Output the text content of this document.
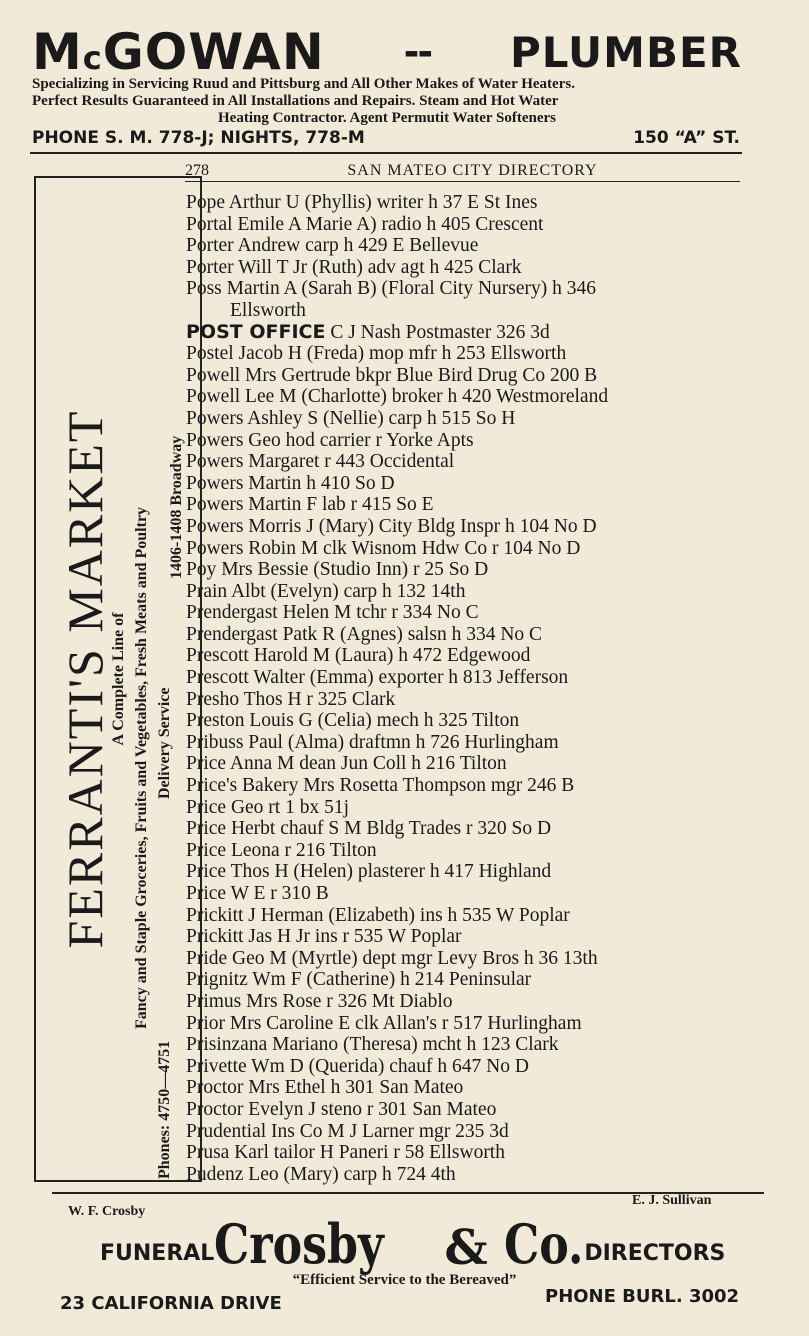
McGOWAN -- PLUMBER
Specializing in Servicing Ruud and Pittsburg and All Other Makes of Water Heaters.
Perfect Results Guaranteed in All Installations and Repairs. Steam and Hot Water
Heating Contractor. Agent Permutit Water Softeners
PHONE S. M. 778-J; NIGHTS, 778-M	150 “A” ST.
278	SAN MATEO CITY DIRECTORY
FERRANTI'S MARKET
A Complete Line of Fancy and Staple Groceries, Fruits and Vegetables, Fresh Meats and Poultry
Phones: 4750—4751
Delivery Service
1406-1408 Broadway
Pope Arthur U (Phyllis) writer h 37 E St Ines
Portal Emile A Marie A) radio h 405 Crescent
Porter Andrew carp h 429 E Bellevue
Porter Will T Jr (Ruth) adv agt h 425 Clark
Poss Martin A (Sarah B) (Floral City Nursery) h 346
Ellsworth
POST OFFICE C J Nash Postmaster 326 3d
Postel Jacob H (Freda) mop mfr h 253 Ellsworth
Powell Mrs Gertrude bkpr Blue Bird Drug Co 200 B
Powell Lee M (Charlotte) broker h 420 Westmoreland
Powers Ashley S (Nellie) carp h 515 So H
Powers Geo hod carrier r Yorke Apts
Powers Margaret r 443 Occidental
Powers Martin h 410 So D
Powers Martin F lab r 415 So E
Powers Morris J (Mary) City Bldg Inspr h 104 No D
Powers Robin M clk Wisnom Hdw Co r 104 No D
Poy Mrs Bessie (Studio Inn) r 25 So D
Prain Albt (Evelyn) carp h 132 14th
Prendergast Helen M tchr r 334 No C
Prendergast Patk R (Agnes) salsn h 334 No C
Prescott Harold M (Laura) h 472 Edgewood
Prescott Walter (Emma) exporter h 813 Jefferson
Presho Thos H r 325 Clark
Preston Louis G (Celia) mech h 325 Tilton
Pribuss Paul (Alma) draftmn h 726 Hurlingham
Price Anna M dean Jun Coll h 216 Tilton
Price's Bakery Mrs Rosetta Thompson mgr 246 B
Price Geo rt 1 bx 51j
Price Herbt chauf S M Bldg Trades r 320 So D
Price Leona r 216 Tilton
Price Thos H (Helen) plasterer h 417 Highland
Price W E r 310 B
Prickitt J Herman (Elizabeth) ins h 535 W Poplar
Prickitt Jas H Jr ins r 535 W Poplar
Pride Geo M (Myrtle) dept mgr Levy Bros h 36 13th
Prignitz Wm F (Catherine) h 214 Peninsular
Primus Mrs Rose r 326 Mt Diablo
Prior Mrs Caroline E clk Allan's r 517 Hurlingham
Prisinzana Mariano (Theresa) mcht h 123 Clark
Privette Wm D (Querida) chauf h 647 No D
Proctor Mrs Ethel h 301 San Mateo
Proctor Evelyn J steno r 301 San Mateo
Prudential Ins Co M J Larner mgr 235 3d
Prusa Karl tailor H Paneri r 58 Ellsworth
Pudenz Leo (Mary) carp h 724 4th
W. F. Crosby
E. J. Sullivan
FUNERAL Crosby	& Co. DIRECTORS
“Efficient Service to the Bereaved”
23 CALIFORNIA DRIVE	PHONE BURL. 3002
